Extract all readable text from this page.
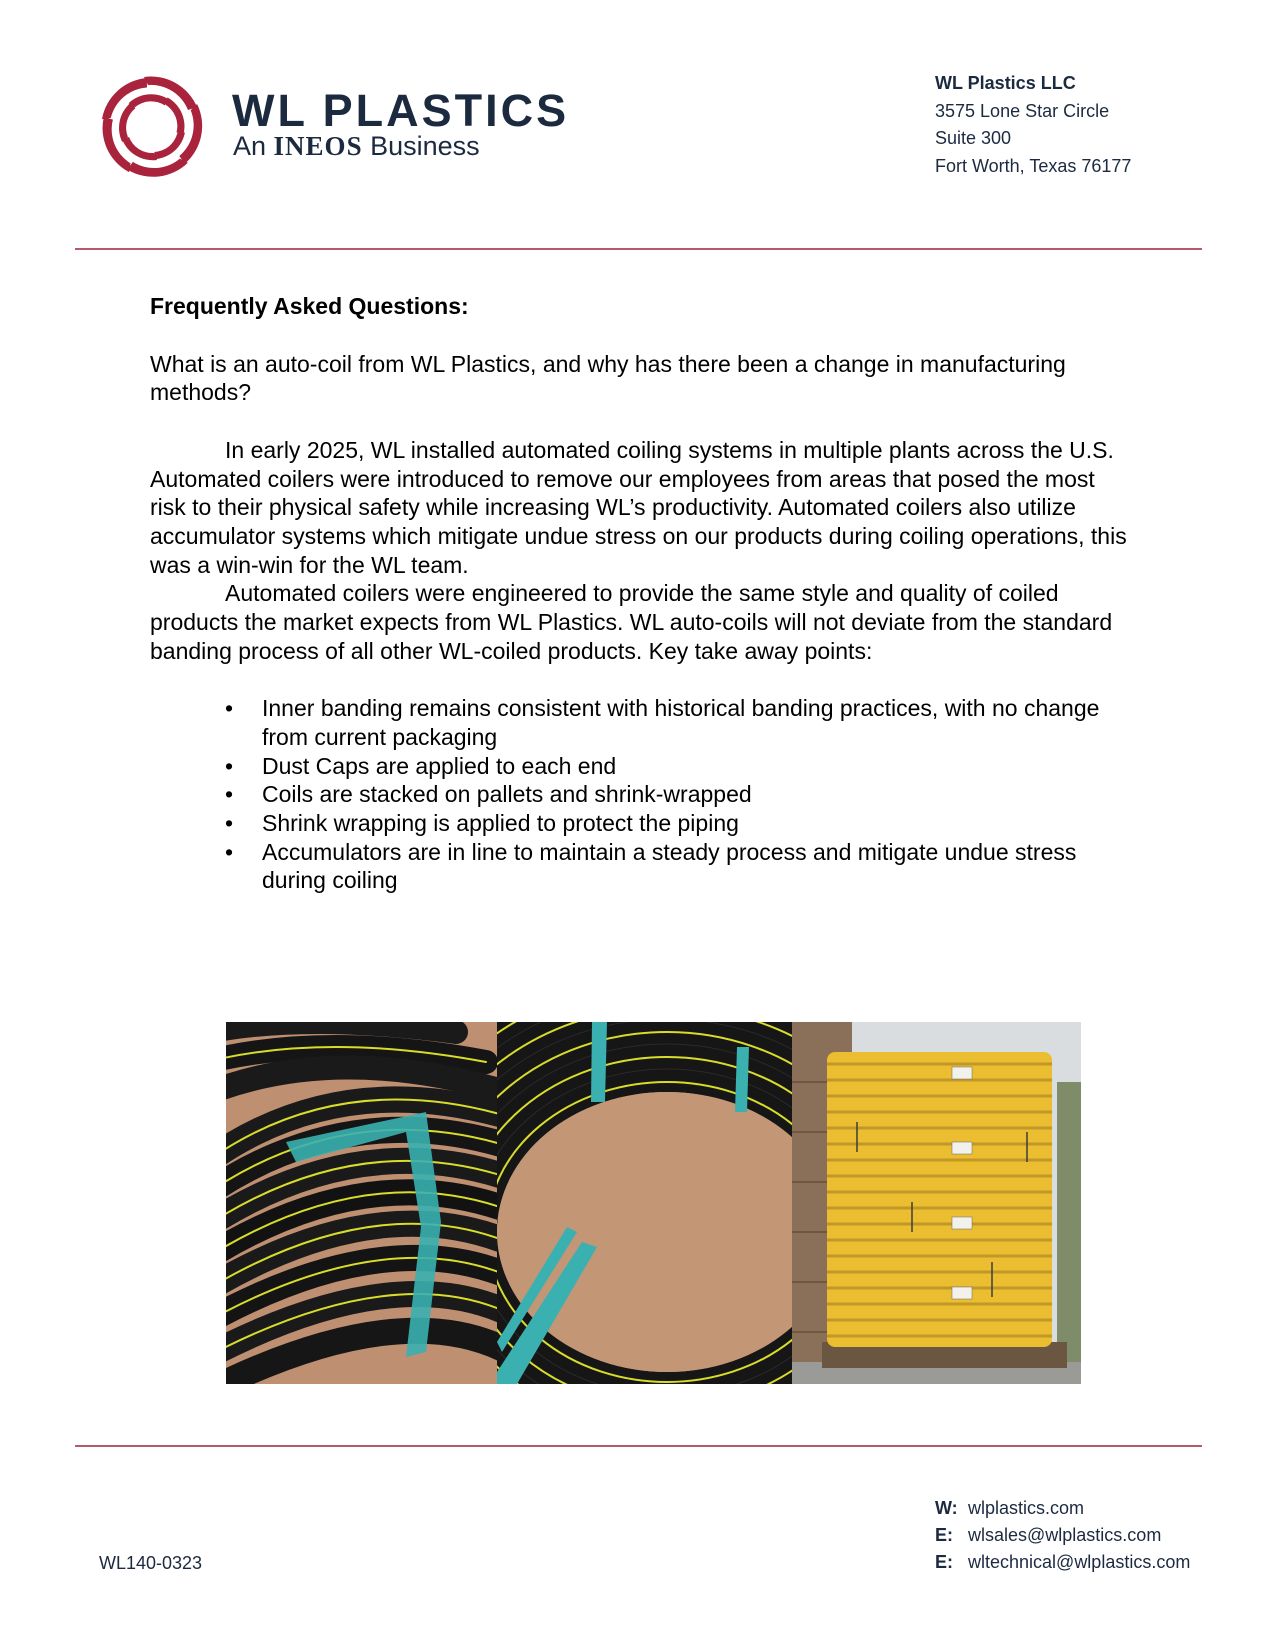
WL PLASTICS
An INEOS Business
WL Plastics LLC
3575 Lone Star Circle
Suite 300
Fort Worth, Texas 76177
Frequently Asked Questions:

What is an auto-coil from WL Plastics, and why has there been a change in manufacturing methods?

In early 2025, WL installed automated coiling systems in multiple plants across the U.S. Automated coilers were introduced to remove our employees from areas that posed the most risk to their physical safety while increasing WL’s productivity. Automated coilers also utilize accumulator systems which mitigate undue stress on our products during coiling operations, this was a win-win for the WL team.

Automated coilers were engineered to provide the same style and quality of coiled products the market expects from WL Plastics. WL auto-coils will not deviate from the standard banding process of all other WL-coiled products. Key take away points:

• Inner banding remains consistent with historical banding practices, with no change from current packaging
• Dust Caps are applied to each end
• Coils are stacked on pallets and shrink-wrapped
• Shrink wrapping is applied to protect the piping
• Accumulators are in line to maintain a steady process and mitigate undue stress during coiling
WL140-0323
W: wlplastics.com
E: wlsales@wlplastics.com
E: wltechnical@wlplastics.com
